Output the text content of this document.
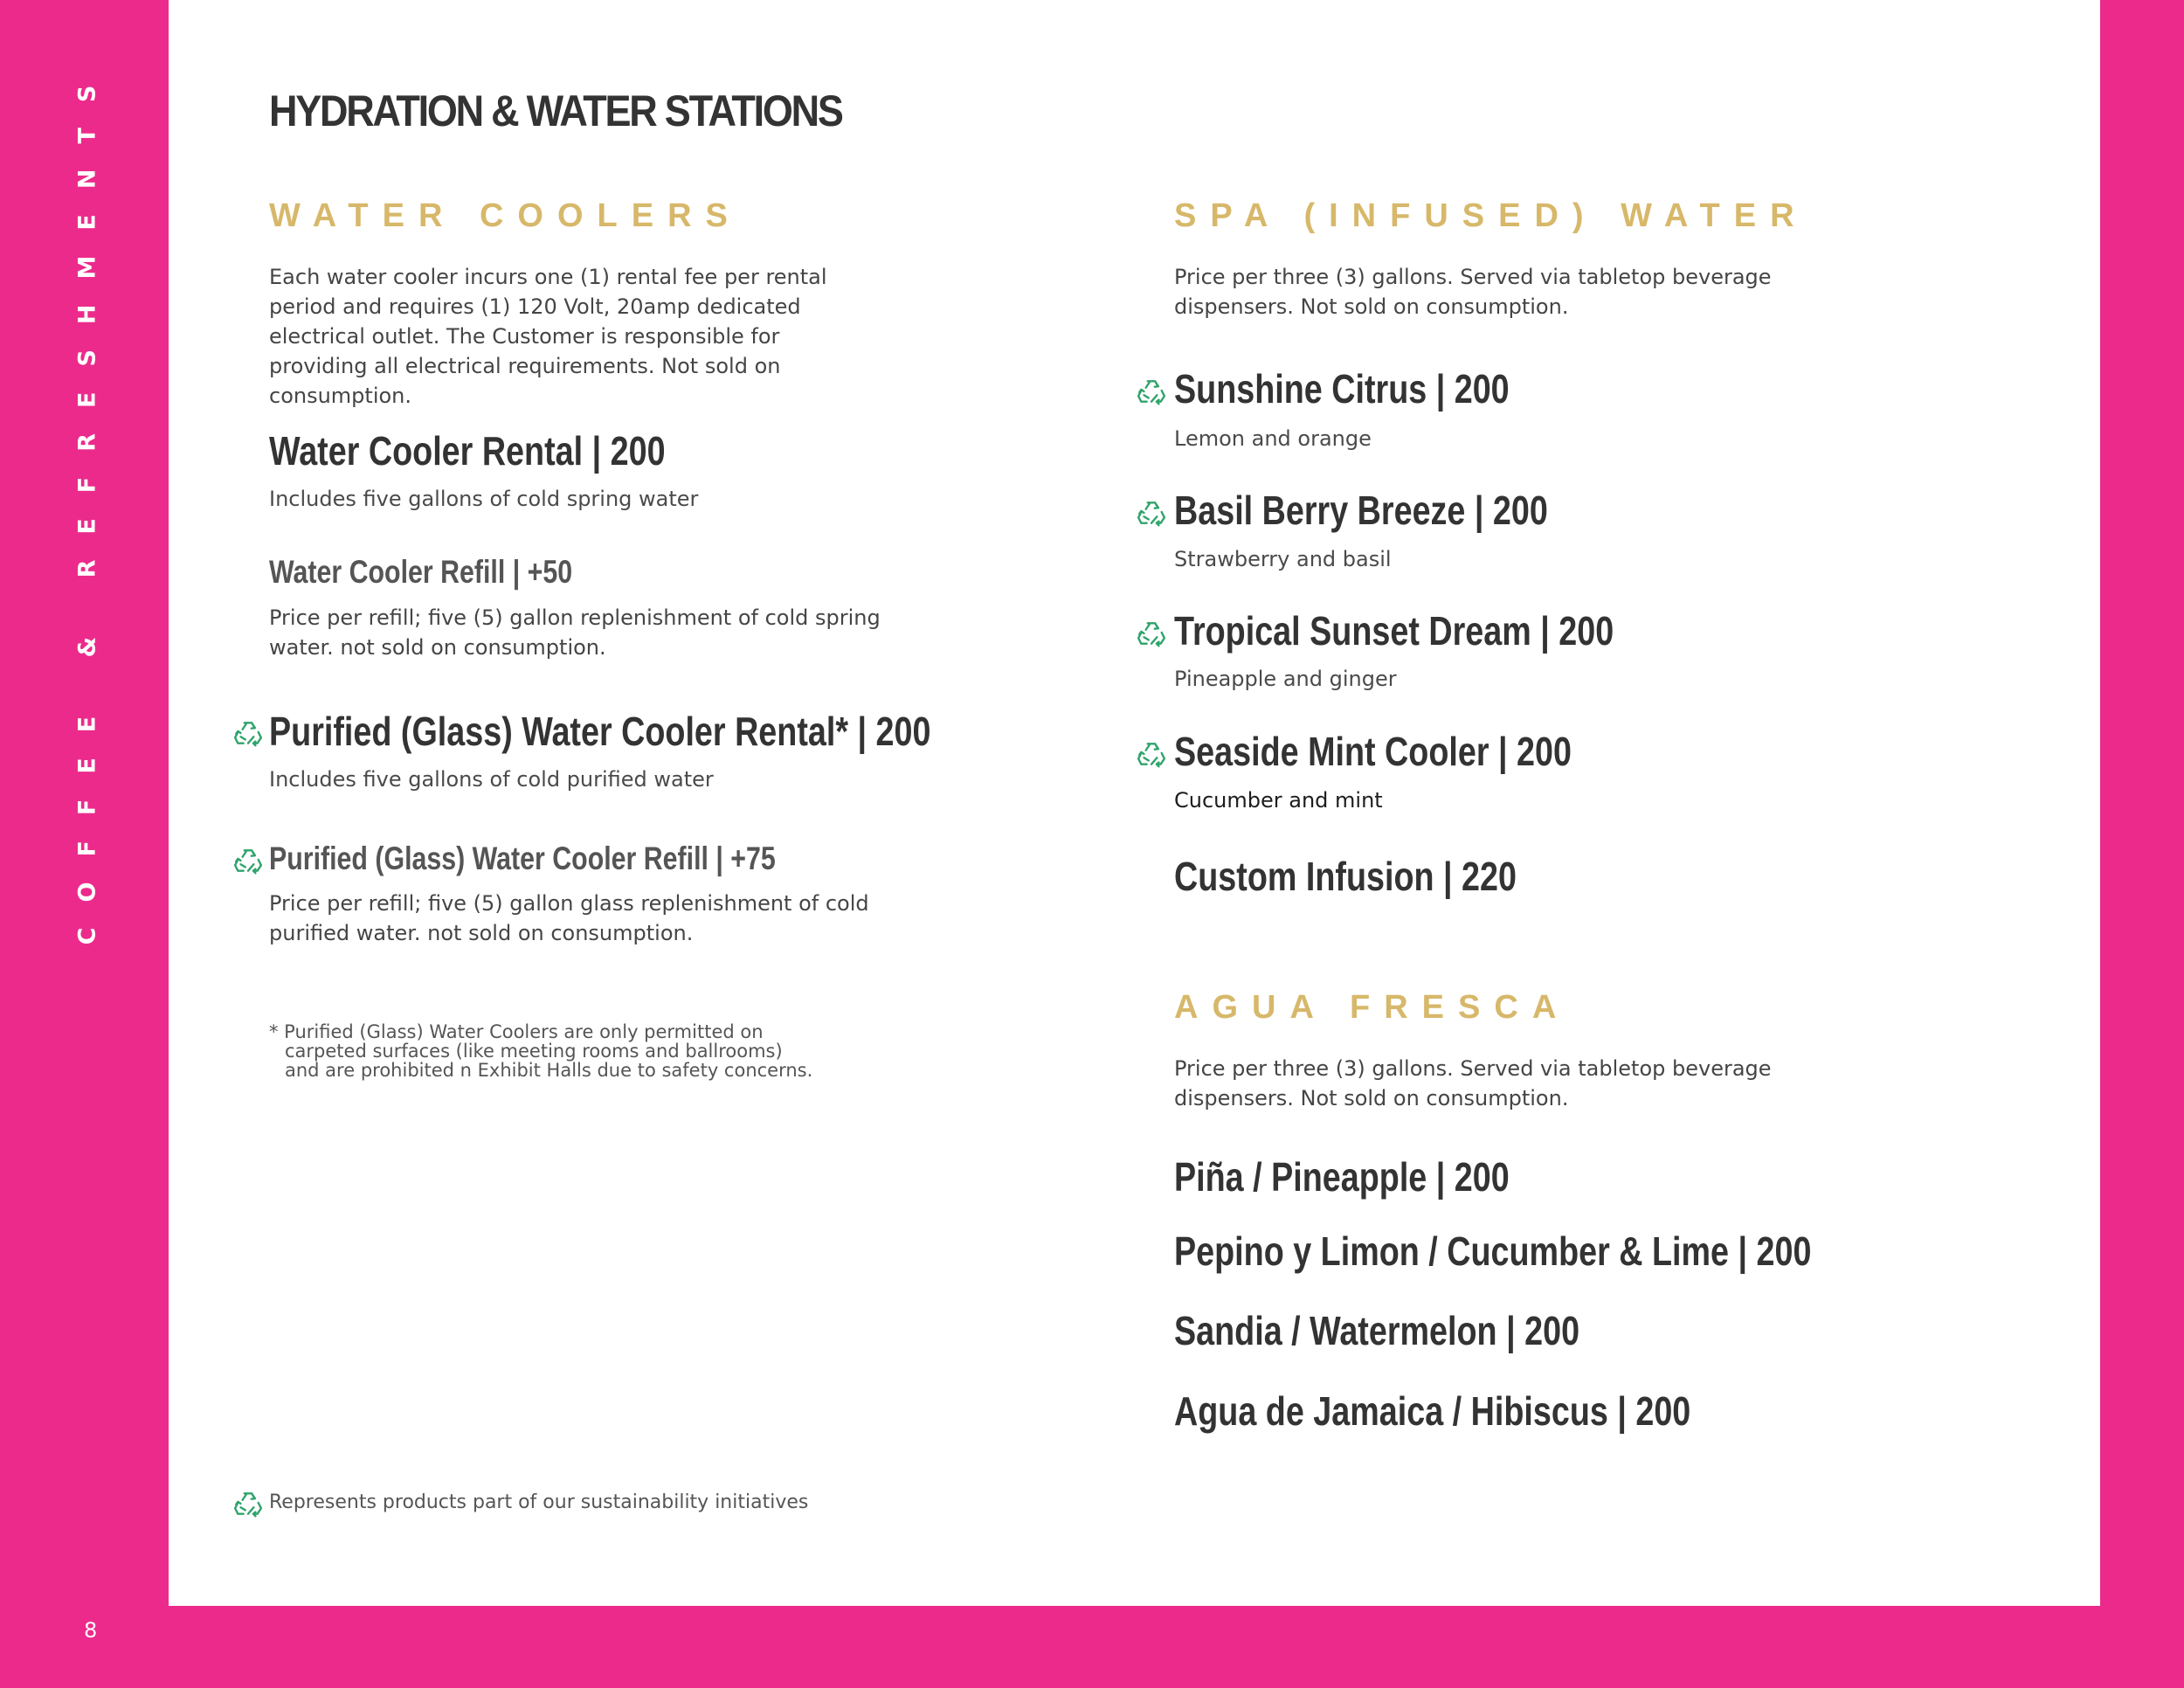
COFFEE & REFRESHMENTS
8
HYDRATION & WATER STATIONS
WATER COOLERS
Each water cooler incurs one (1) rental fee per rental period and requires (1) 120 Volt, 20amp dedicated electrical outlet. The Customer is responsible for providing all electrical requirements. Not sold on consumption.
Water Cooler Rental | 200
Includes five gallons of cold spring water
Water Cooler Refill | +50
Price per refill; five (5) gallon replenishment of cold spring water. not sold on consumption.
Purified (Glass) Water Cooler Rental* | 200
Includes five gallons of cold purified water
Purified (Glass) Water Cooler Refill | +75
Price per refill; five (5) gallon glass replenishment of cold purified water. not sold on consumption.
* Purified (Glass) Water Coolers are only permitted on
carpeted surfaces (like meeting rooms and ballrooms)
and are prohibited n Exhibit Halls due to safety concerns.
SPA (INFUSED) WATER
Price per three (3) gallons. Served via tabletop beverage dispensers. Not sold on consumption.
Sunshine Citrus | 200
Lemon and orange
Basil Berry Breeze | 200
Strawberry and basil
Tropical Sunset Dream | 200
Pineapple and ginger
Seaside Mint Cooler | 200
Cucumber and mint
Custom Infusion | 220
AGUA FRESCA
Price per three (3) gallons. Served via tabletop beverage dispensers. Not sold on consumption.
Piña / Pineapple | 200
Pepino y Limon / Cucumber & Lime | 200
Sandia / Watermelon | 200
Agua de Jamaica / Hibiscus | 200
Represents products part of our sustainability initiatives
